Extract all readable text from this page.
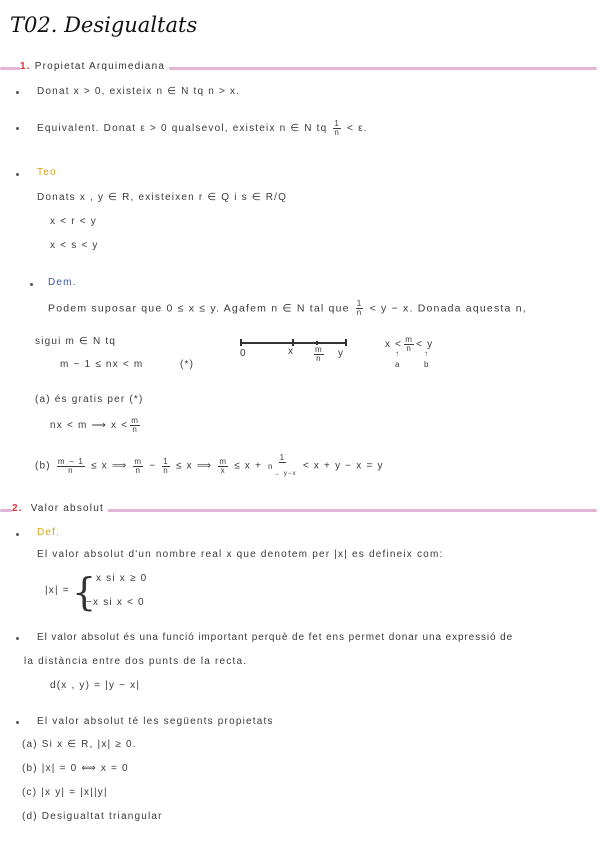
T02. Desigualtats
1. Propietat Arquimediana
Donat x > 0, existeix n ∈ N tq n > x.
Equivalent. Donat ε > 0 qualsevol, existeix n ∈ N tq $\frac{1}{n} < \varepsilon$.
Teo
Donats x , y ∈ R, existeixen r ∈ Q i s ∈ R/Q
x < r < y
x < s < y
Dem.
Podem suposar que 0 ≤ x ≤ y. Agafem n ∈ N tal que $\frac{1}{n} < y - x$. Donada aquesta n,
sigui m ∈ N tq
m − 1 ≤ nx < m	(*)
0	x $\frac{m}{n}$ y
$x < \frac{m}{n} < y$
↑	↑
a	b
(a) és gratis per (*)
nx < m ⟶ $x < \frac{m}{n}$
$(b) \frac{m - 1}{n} \le x$ ⟹ $\frac{m}{n} - \frac{1}{n} \le x$ ⟹ $\frac{m}{x} \le x + \frac{1}{n_{\to y-x}} < x + y - x = y$
2. Valor absolut
Def.
El valor absolut d'un nombre real x que denotem per |x| es defineix com:
|x| = { x si x ≥ 0
−x si x < 0
El valor absolut és una funció important perquè de fet ens permet donar una expressió de
la distància entre dos punts de la recta.
d(x , y) = |y − x|
El valor absolut té les següents propietats
(a) Si x ∈ R, |x| ≥ 0.
(b) |x| = 0 ⟺ x = 0
(c) |x y| = |x||y|
(d) Desigualtat triangular
